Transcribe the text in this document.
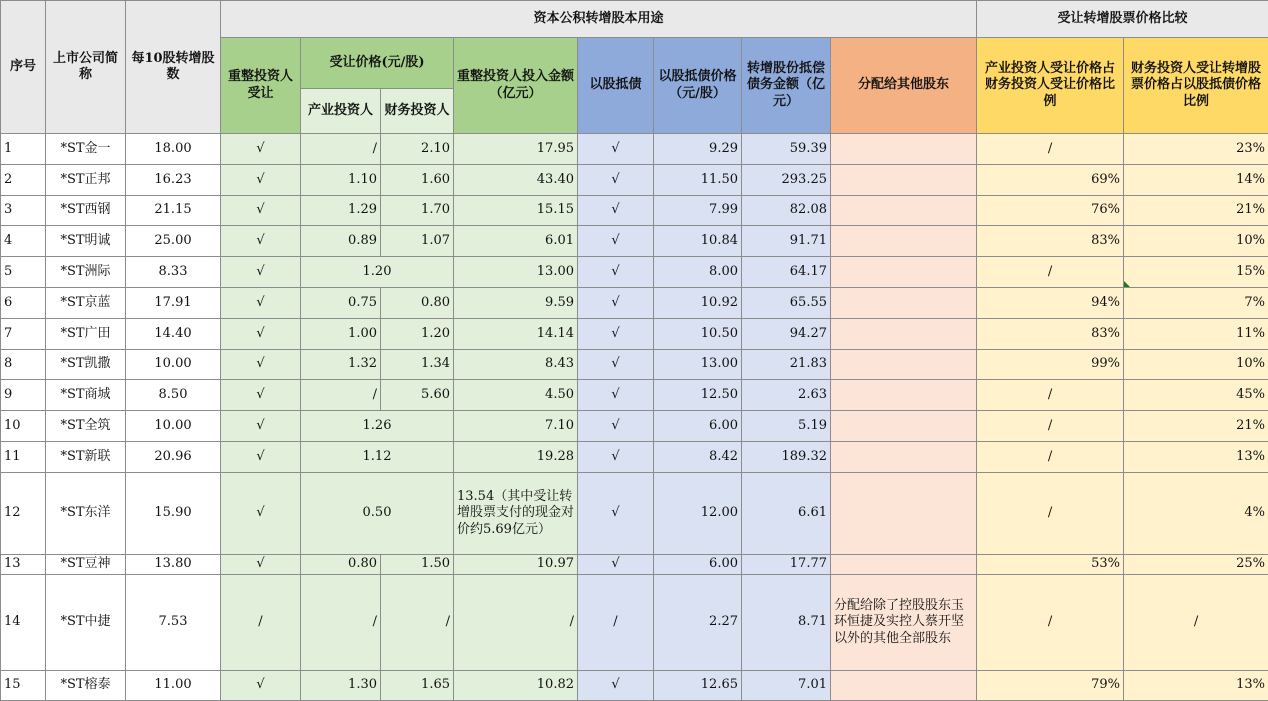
序号	上市公司简称	每10股转增股数	资本公积转增股本用途								受让转增股票价格比较	
			重整投资人受让	受让价格(元/股)		重整投资人投入金额（亿元）	以股抵债	以股抵债价格（元/股）	转增股份抵偿债务金额（亿元）	分配给其他股东	产业投资人受让价格占财务投资人受让价格比例	财务投资人受让转增股票价格占以股抵债价格比例
				产业投资人	财务投资人							
1	*ST金一	18.00	√	/	2.10	17.95	√	9.29	59.39		/	23%
2	*ST正邦	16.23	√	1.10	1.60	43.40	√	11.50	293.25		69%	14%
3	*ST西钢	21.15	√	1.29	1.70	15.15	√	7.99	82.08		76%	21%
4	*ST明诚	25.00	√	0.89	1.07	6.01	√	10.84	91.71		83%	10%
5	*ST洲际	8.33	√	1.20		13.00	√	8.00	64.17		/	15%
6	*ST京蓝	17.91	√	0.75	0.80	9.59	√	10.92	65.55		94%	7%
7	*ST广田	14.40	√	1.00	1.20	14.14	√	10.50	94.27		83%	11%
8	*ST凯撒	10.00	√	1.32	1.34	8.43	√	13.00	21.83		99%	10%
9	*ST商城	8.50	√	/	5.60	4.50	√	12.50	2.63		/	45%
10	*ST全筑	10.00	√	1.26		7.10	√	6.00	5.19		/	21%
11	*ST新联	20.96	√	1.12		19.28	√	8.42	189.32		/	13%
12	*ST东洋	15.90	√	0.50		13.54（其中受让转增股票支付的现金对价约5.69亿元）	√	12.00	6.61		/	4%
13	*ST豆神	13.80	√	0.80	1.50	10.97	√	6.00	17.77		53%	25%
14	*ST中捷	7.53	/	/	/	/	/	2.27	8.71	分配给除了控股股东玉环恒捷及实控人蔡开坚以外的其他全部股东	/	/
15	*ST榕泰	11.00	√	1.30	1.65	10.82	√	12.65	7.01		79%	13%
